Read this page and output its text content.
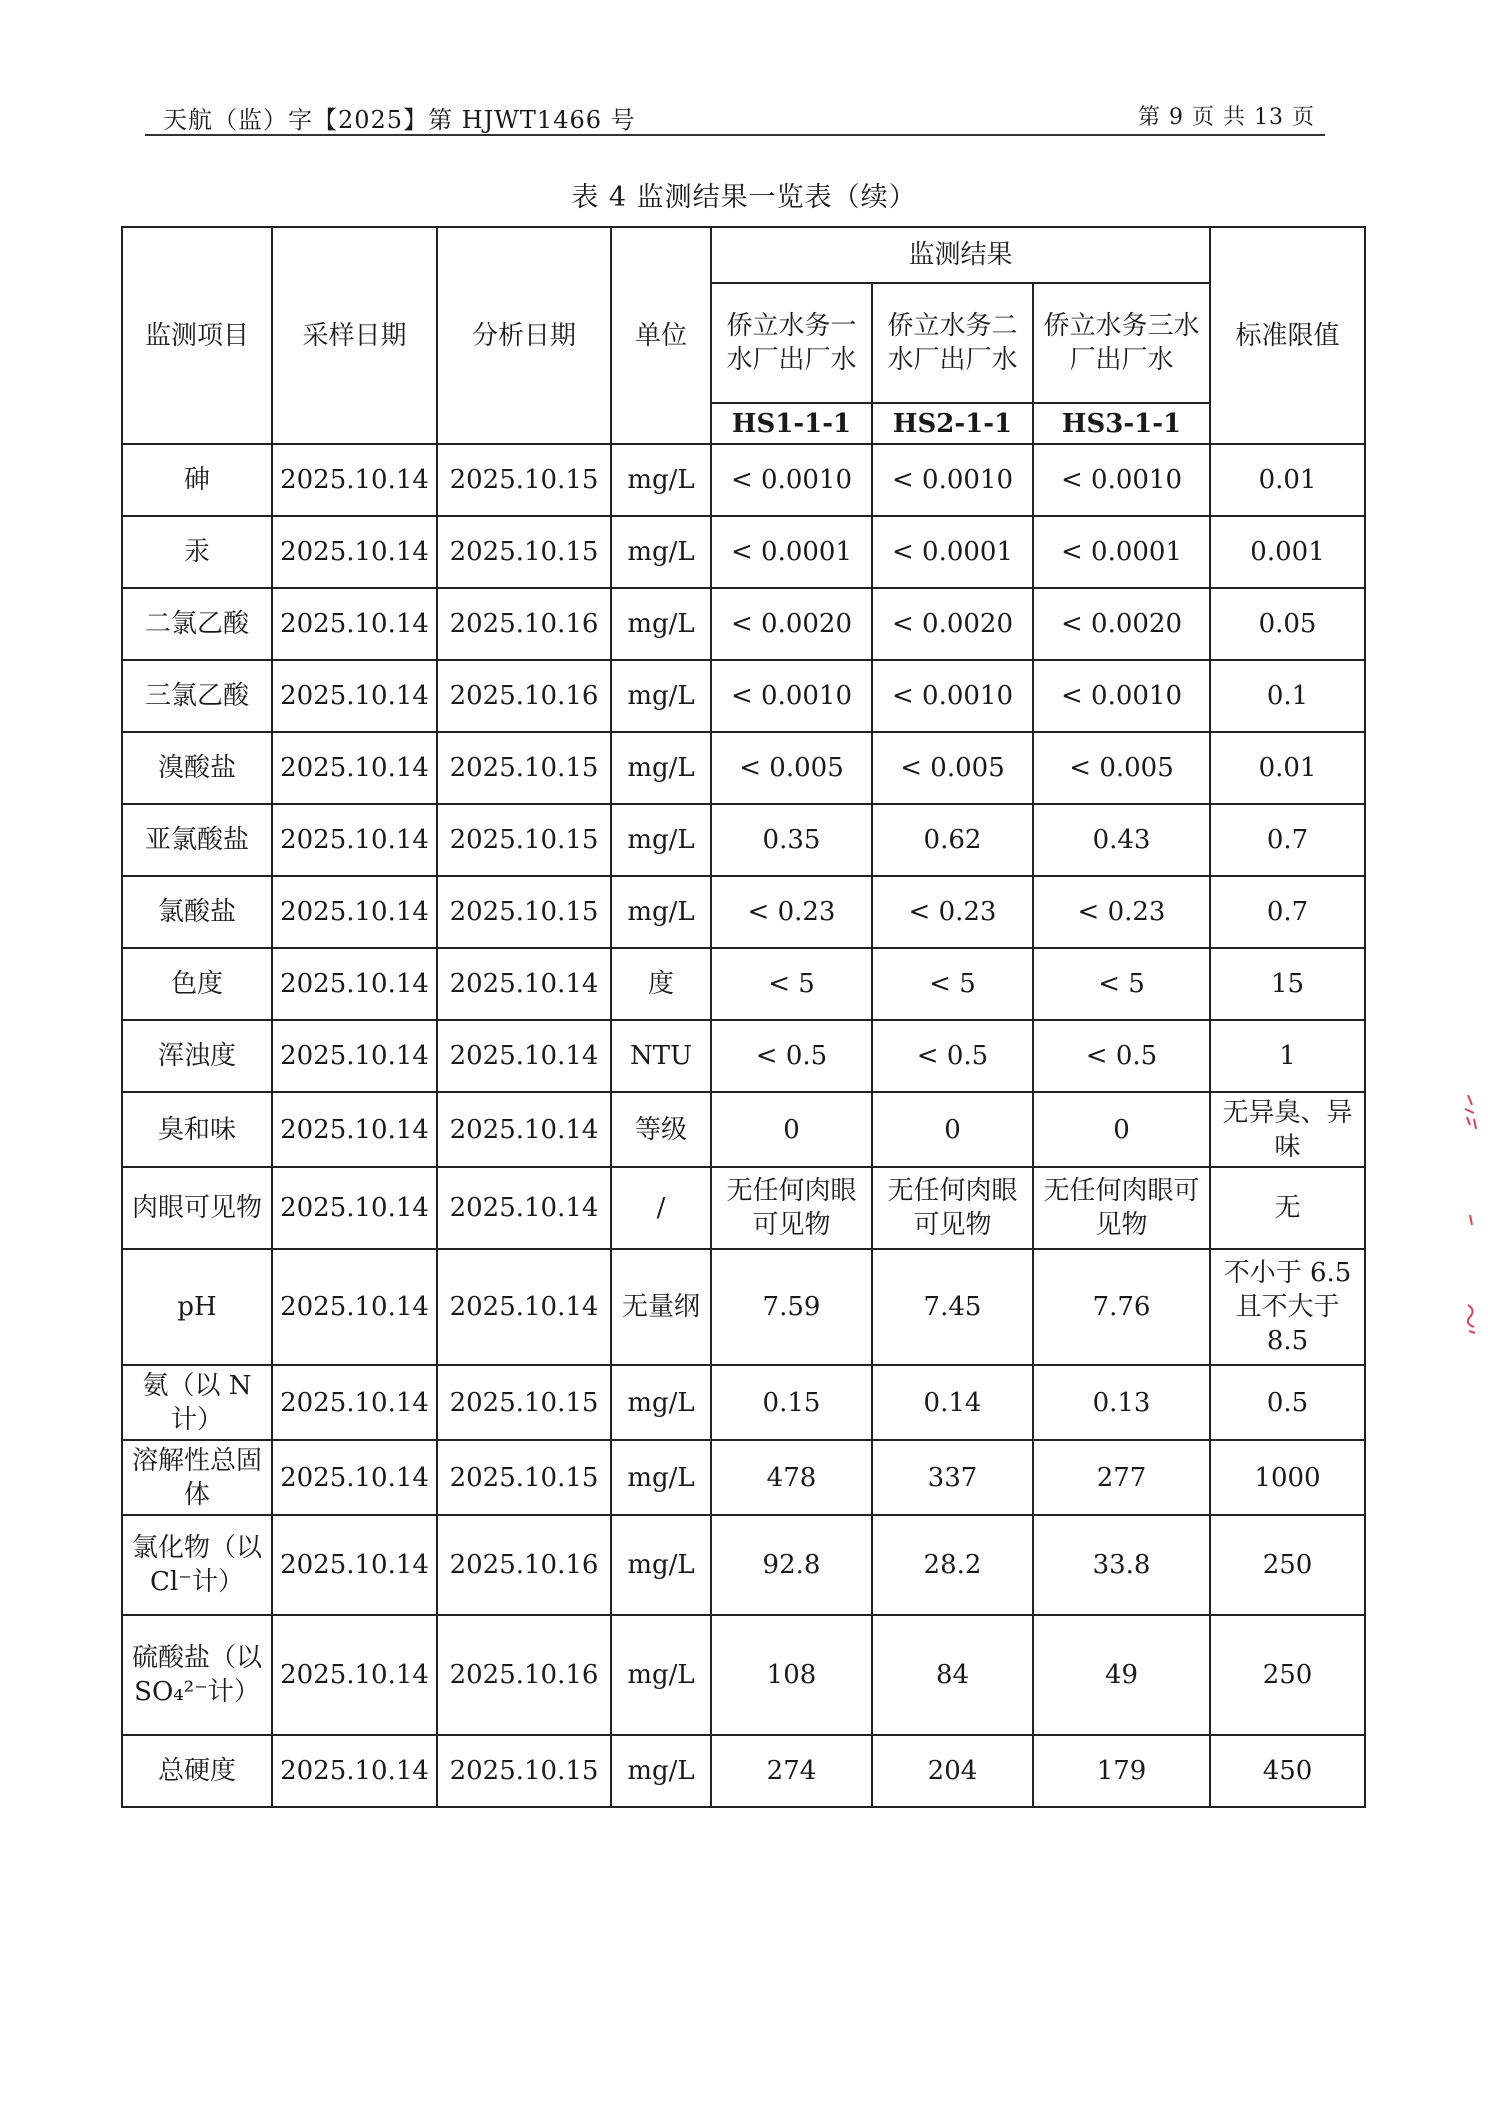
天航（监）字【2025】第 HJWT1466 号	第 9 页 共 13 页
表 4 监测结果一览表（续）
监测项目	采样日期	分析日期	单位	监测结果			标准限值
				侨立水务一水厂出厂水	侨立水务二水厂出厂水	侨立水务三水厂出厂水	
				HS1-1-1	HS2-1-1	HS3-1-1	
砷	2025.10.14	2025.10.15	mg/L	< 0.0010	< 0.0010	< 0.0010	0.01
汞	2025.10.14	2025.10.15	mg/L	< 0.0001	< 0.0001	< 0.0001	0.001
二氯乙酸	2025.10.14	2025.10.16	mg/L	< 0.0020	< 0.0020	< 0.0020	0.05
三氯乙酸	2025.10.14	2025.10.16	mg/L	< 0.0010	< 0.0010	< 0.0010	0.1
溴酸盐	2025.10.14	2025.10.15	mg/L	< 0.005	< 0.005	< 0.005	0.01
亚氯酸盐	2025.10.14	2025.10.15	mg/L	0.35	0.62	0.43	0.7
氯酸盐	2025.10.14	2025.10.15	mg/L	< 0.23	< 0.23	< 0.23	0.7
色度	2025.10.14	2025.10.14	度	< 5	< 5	< 5	15
浑浊度	2025.10.14	2025.10.14	NTU	< 0.5	< 0.5	< 0.5	1
臭和味	2025.10.14	2025.10.14	等级	0	0	0	无异臭、异味
肉眼可见物	2025.10.14	2025.10.14	/	无任何肉眼可见物	无任何肉眼可见物	无任何肉眼可见物	无
pH	2025.10.14	2025.10.14	无量纲	7.59	7.45	7.76	不小于 6.5 且不大于 8.5
氨（以 N 计）	2025.10.14	2025.10.15	mg/L	0.15	0.14	0.13	0.5
溶解性总固体	2025.10.14	2025.10.15	mg/L	478	337	277	1000
氯化物（以 Cl⁻计）	2025.10.14	2025.10.16	mg/L	92.8	28.2	33.8	250
硫酸盐（以 SO₄²⁻计）	2025.10.14	2025.10.16	mg/L	108	84	49	250
总硬度	2025.10.14	2025.10.15	mg/L	274	204	179	450
